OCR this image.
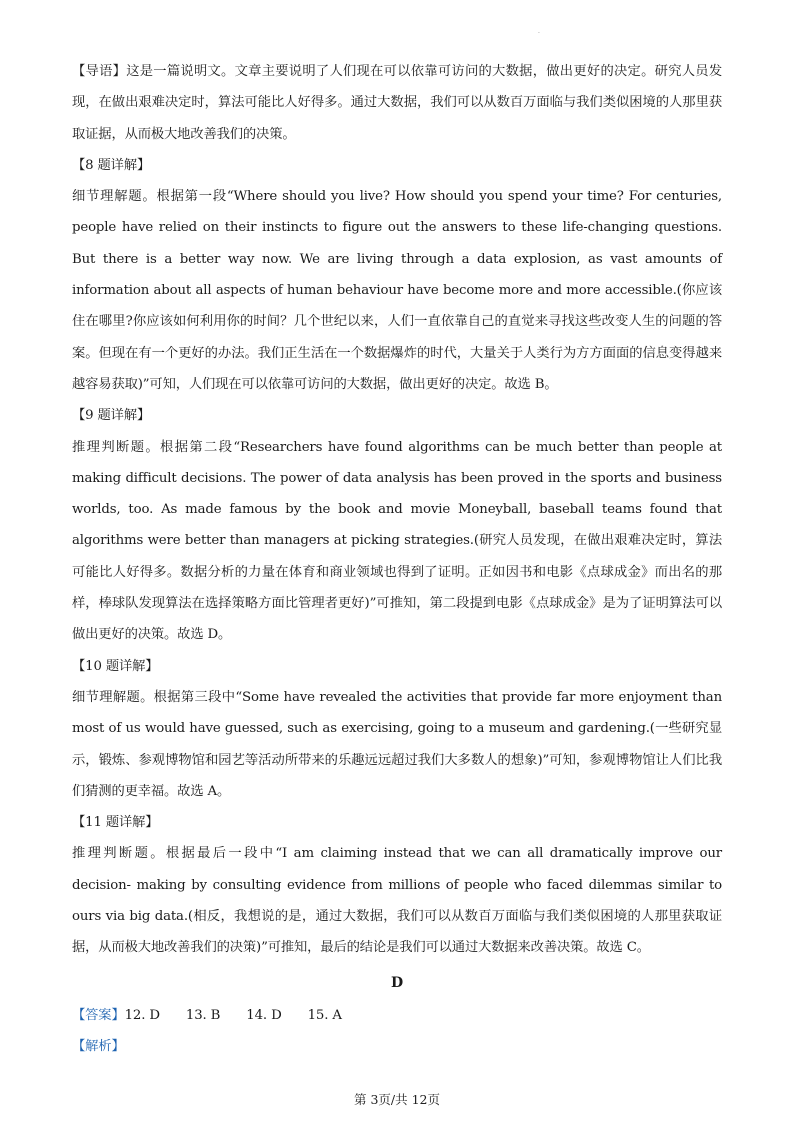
·

【导语】这是一篇说明文。文章主要说明了人们现在可以依靠可访问的大数据，做出更好的决定。研究人员发现，在做出艰难决定时，算法可能比人好得多。通过大数据，我们可以从数百万面临与我们类似困境的人那里获取证据，从而极大地改善我们的决策。

【8 题详解】

细节理解题。根据第一段“Where should you live? How should you spend your time? For centuries, people have relied on their instincts to figure out the answers to these life-changing questions. But there is a better way now. We are living through a data explosion, as vast amounts of information about all aspects of human behaviour have become more and more accessible.(你应该住在哪里?你应该如何利用你的时间？几个世纪以来，人们一直依靠自己的直觉来寻找这些改变人生的问题的答案。但现在有一个更好的办法。我们正生活在一个数据爆炸的时代，大量关于人类行为方方面面的信息变得越来越容易获取)”可知，人们现在可以依靠可访问的大数据，做出更好的决定。故选 B。

【9 题详解】

推理判断题。根据第二段“Researchers have found algorithms can be much better than people at making difficult decisions. The power of data analysis has been proved in the sports and business worlds, too. As made famous by the book and movie Moneyball, baseball teams found that algorithms were better than managers at picking strategies.(研究人员发现，在做出艰难决定时，算法可能比人好得多。数据分析的力量在体育和商业领域也得到了证明。正如因书和电影《点球成金》而出名的那样，棒球队发现算法在选择策略方面比管理者更好)”可推知，第二段提到电影《点球成金》是为了证明算法可以做出更好的决策。故选 D。

【10 题详解】

细节理解题。根据第三段中“Some have revealed the activities that provide far more enjoyment than most of us would have guessed, such as exercising, going to a museum and gardening.(一些研究显示，锻炼、参观博物馆和园艺等活动所带来的乐趣远远超过我们大多数人的想象)”可知，参观博物馆让人们比我们猜测的更幸福。故选 A。

【11 题详解】

推理判断题。根据最后一段中“I am claiming instead that we can all dramatically improve our decision- making by consulting evidence from millions of people who faced dilemmas similar to ours via big data.(相反，我想说的是，通过大数据，我们可以从数百万面临与我们类似困境的人那里获取证据，从而极大地改善我们的决策)”可推知，最后的结论是我们可以通过大数据来改善决策。故选 C。

D

【答案】 12. D 13. B 14. D 15. A

【解析】

第 3页/共 12页
